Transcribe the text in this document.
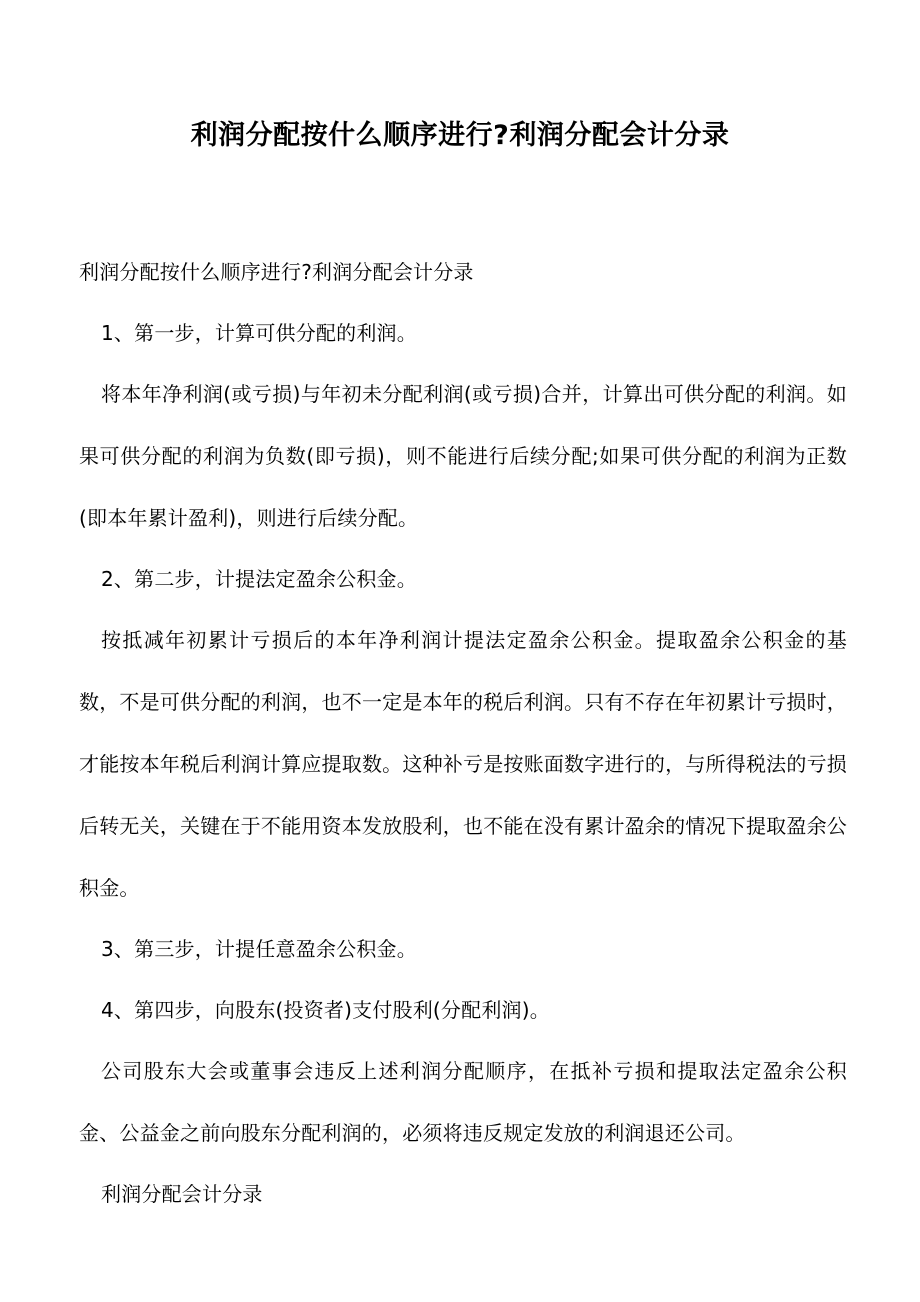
利润分配按什么顺序进行?利润分配会计分录

利润分配按什么顺序进行?利润分配会计分录

1、第一步，计算可供分配的利润。

将本年净利润(或亏损)与年初未分配利润(或亏损)合并，计算出可供分配的利润。如果可供分配的利润为负数(即亏损)，则不能进行后续分配;如果可供分配的利润为正数(即本年累计盈利)，则进行后续分配。

2、第二步，计提法定盈余公积金。

按抵减年初累计亏损后的本年净利润计提法定盈余公积金。提取盈余公积金的基数，不是可供分配的利润，也不一定是本年的税后利润。只有不存在年初累计亏损时，才能按本年税后利润计算应提取数。这种补亏是按账面数字进行的，与所得税法的亏损后转无关，关键在于不能用资本发放股利，也不能在没有累计盈余的情况下提取盈余公积金。

3、第三步，计提任意盈余公积金。

4、第四步，向股东(投资者)支付股利(分配利润)。

公司股东大会或董事会违反上述利润分配顺序，在抵补亏损和提取法定盈余公积金、公益金之前向股东分配利润的，必须将违反规定发放的利润退还公司。

利润分配会计分录
